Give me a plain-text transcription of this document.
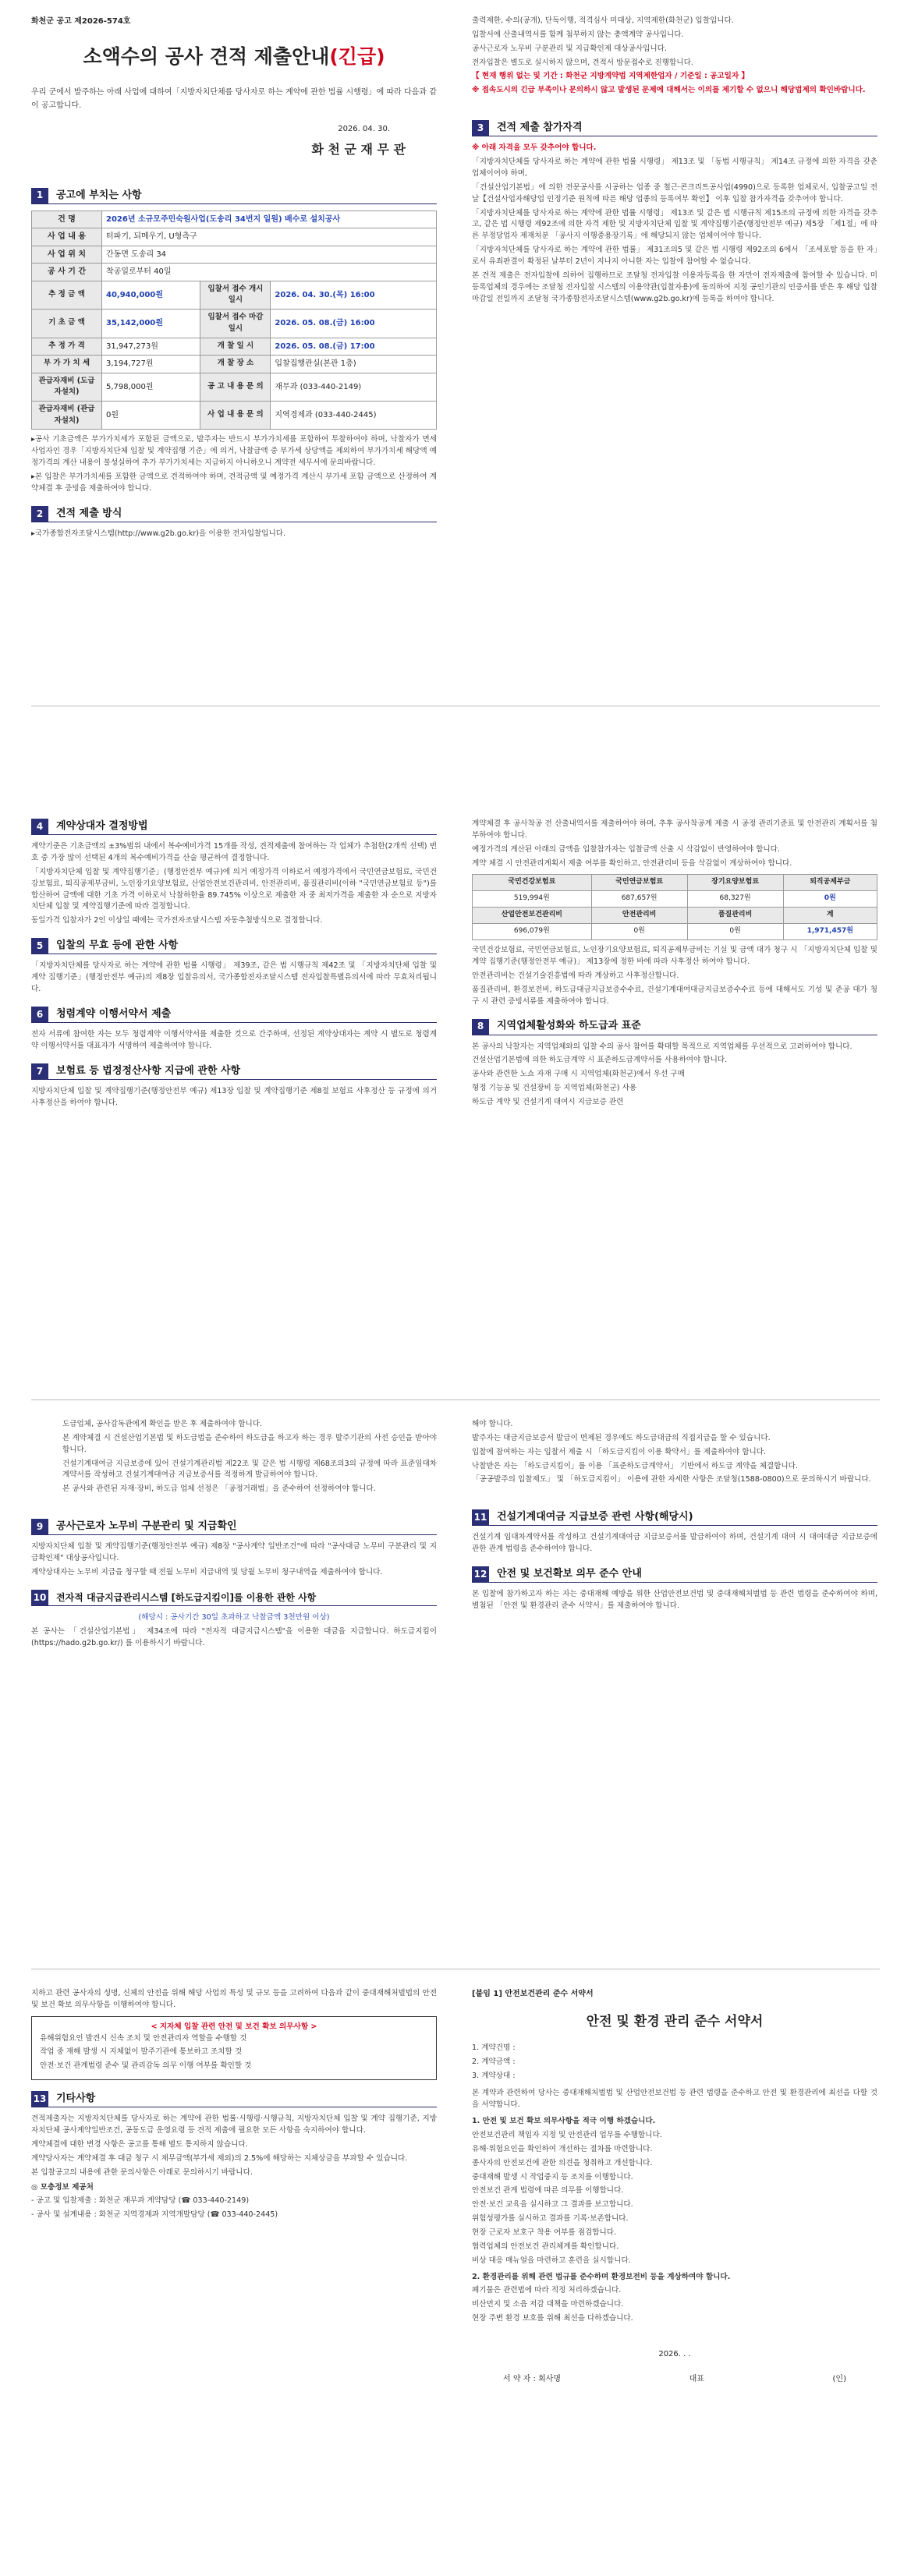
화천군 공고 제2026-574호
소액수의 공사 견적 제출안내(긴급)

우리 군에서 발주하는 아래 사업에 대하여「지방자치단체를 당사자로 하는 계약에 관한 법률 시행령」에 따라 다음과 같이 공고합니다.

2026. 04. 30.
화 천 군 재 무 관
1	공고에 부치는 사항
건 명	2026년 소규모주민숙원사업(도송리 34번지 일원) 배수로 설치공사		
사 업 내 용	터파기, 되메우기, U형측구		
사 업 위 치	간동면 도송리 34		
공 사 기 간	착공일로부터 40일		
추 정 금 액	40,940,000원	입찰서 접수 개시일시	2026. 04. 30.(목) 16:00
기 초 금 액	35,142,000원	입찰서 접수 마감일시	2026. 05. 08.(금) 16:00
추 정 가 격	31,947,273원	개 찰 일 시	2026. 05. 08.(금) 17:00
부 가 가 치 세	3,194,727원	개 찰 장 소	입찰집행관실(본관 1층)
관급자재비 (도급자설치)	5,798,000원	공 고 내 용 문 의	재무과 (033-440-2149)
관급자재비 (관급자설치)	0원	사 업 내 용 문 의	지역경제과 (033-440-2445)

▸공사 기초금액은 부가가치세가 포함된 금액으로, 발주자는 반드시 부가가치세를 포함하여 투찰하여야 하며, 낙찰자가 면세사업자인 경우「지방자치단체 입찰 및 계약집행 기준」에 의거, 낙찰금액 중 부가세 상당액을 제외하여 부가가치세 해당액 예정가격의 계산 내용이 불성실하여 추가 부가가치세는 지급하지 아니하오니 계약전 세무서에 문의바랍니다.

▸본 입찰은 부가가치세를 포함한 금액으로 견적하여야 하며, 견적금액 및 예정가격 계산시 부가세 포함 금액으로 산정하여 계약체결 후 증빙을 제출하여야 합니다.

2	견적 제출 방식

▸국가종합전자조달시스템(http://www.g2b.go.kr)을 이용한 전자입찰입니다.

출력제한, 수의(공개), 단독이행, 적격심사 미대상, 지역제한(화천군) 입찰입니다.

입찰서에 산출내역서를 함께 첨부하지 않는 총액계약 공사입니다.

공사근로자 노무비 구분관리 및 지급확인제 대상공사입니다.

전자입찰은 별도로 실시하지 않으며, 견적서 방문접수로 진행합니다.

【 현재 행위 없는 및 기간 : 화천군 지방계약법 지역제한업자 / 기준일 : 공고일자 】

※ 접속도시의 긴급 부족이나 문의하시 않고 발생된 문제에 대해서는 이의를 제기할 수 없으니 해당법제의 확인바랍니다.

3	견적 제출 참가자격

※ 아래 자격을 모두 갖추어야 합니다.

「지방자치단체를 당사자로 하는 계약에 관한 법률 시행령」 제13조 및 「동법 시행규칙」 제14조 규정에 의한 자격을 갖춘 업체이어야 하며,

「건설산업기본법」에 의한 전문공사를 시공하는 업종 중 철근·콘크리트공사업(4990)으로 등록한 업체로서, 입찰공고일 전날【건설사업자해당업 인정기준 원칙에 따른 해당 업종의 등록여부 확인】 이후 입찰 참가자격을 갖추어야 합니다.

「지방자치단체를 당사자로 하는 계약에 관한 법률 시행령」 제13조 및 같은 법 시행규칙 제15조의 규정에 의한 자격을 갖추고, 같은 법 시행령 제92조에 의한 자격 제한 및 지방자치단체 입찰 및 계약집행기준(행정안전부 예규) 제5장 「제1절」에 따른 부정당업자 제재처분 「공사지 이행중용장기록」에 해당되지 않는 업체이어야 합니다.

「지방자치단체를 당사자로 하는 계약에 관한 법률」 제31조의5 및 같은 법 시행령 제92조의 6에서 「조세포탈 등을 한 자」로서 유죄판결이 확정된 날부터 2년이 지나지 아니한 자는 입찰에 참여할 수 없습니다.

본 견적 제출은 전자입찰에 의하여 집행하므로 조달청 전자입찰 이용자등록을 한 자만이 전자제출에 참여할 수 있습니다. 미등록업체의 경우에는 조달청 전자입찰 시스템의 이용약관(입찰자용)에 동의하여 지정 공인기관의 인증서를 받은 후 해당 입찰마감일 전일까지 조달청 국가종합전자조달시스템(www.g2b.go.kr)에 등록을 하여야 합니다.

4	계약상대자 결정방법

계약기준은 기초금액의 ±3%범위 내에서 복수예비가격 15개를 작성, 견적제출에 참여하는 각 업체가 추첨한(2개씩 선택) 번호 중 가장 많이 선택된 4개의 복수예비가격을 산술 평균하여 결정합니다.

「지방자치단체 입찰 및 계약집행기준」(행정안전부 예규)에 의거 예정가격 이하로서 예정가격에서 국민연금보험료, 국민건강보험료, 퇴직공제부금비, 노인장기요양보험료, 산업안전보건관리비, 안전관리비, 품질관리비(이하 "국민연금보험료 등")를 합산하여 금액에 대한 기초 가격 이하로서 낙찰하한율 89.745% 이상으로 제출한 자 중 최저가격을 제출한 자 순으로 지방자치단체 입찰 및 계약집행기준에 따라 결정합니다.

동일가격 입찰자가 2인 이상일 때에는 국가전자조달시스템 자동추첨방식으로 결정합니다.

5	입찰의 무효 등에 관한 사항

「지방자치단체를 당사자로 하는 계약에 관한 법률 시행령」 제39조, 같은 법 시행규칙 제42조 및 「지방자치단체 입찰 및 계약 집행기준」(행정안전부 예규)의 제8장 입찰유의서, 국가종합전자조달시스템 전자입찰특별유의서에 따라 무효처리됩니다.

6	청렴계약 이행서약서 제출

전자 서류에 참여한 자는 모두 청렴계약 이행서약서를 제출한 것으로 간주하며, 선정된 계약상대자는 계약 시 별도로 청렴계약 이행서약서를 대표자가 서명하여 제출하여야 합니다.

7	보험료 등 법정정산사항 지급에 관한 사항

지방자치단체 입찰 및 계약집행기준(행정안전부 예규) 제13장 입찰 및 계약집행기준 제8절 보험료 사후정산 등 규정에 의거 사후정산을 하여야 합니다.

계약체결 후 공사착공 전 산출내역서를 제출하여야 하며, 추후 공사착공계 제출 시 공정 관리기준표 및 안전관리 계획서를 첨부하여야 합니다.

예정가격의 계산된 아래의 금액을 입찰참가자는 입찰금액 산출 시 삭감없이 반영하여야 합니다.

계약 체결 시 안전관리계획서 제출 여부를 확인하고, 안전관리비 등을 삭감없이 계상하여야 합니다.

국민건강보험료	국민연금보험료	장기요양보험료	퇴직공제부금
519,994원	687,657원	68,327원	0원
산업안전보건관리비	안전관리비	품질관리비	계
696,079원	0원	0원	1,971,457원

국민건강보험료, 국민연금보험료, 노인장기요양보험료, 퇴직공제부금비는 기실 및 금액 대가 청구 시 「지방자치단체 입찰 및 계약 집행기준(행정안전부 예규)」 제13장에 정한 바에 따라 사후정산 하여야 합니다.

안전관리비는 건설기술진흥법에 따라 계상하고 사후정산합니다.

품질관리비, 환경보전비, 하도급대금지급보증수수료, 건설기계대여대금지급보증수수료 등에 대해서도 기성 및 준공 대가 청구 시 관련 증빙서류를 제출하여야 합니다.

8	지역업체활성화와 하도급과 표준

본 공사의 낙찰자는 지역업체와의 입찰 수의 공사 참여를 확대할 목적으로 지역업체를 우선적으로 고려하여야 합니다.

건설산업기본법에 의한 하도급계약 시 표준하도급계약서를 사용하여야 합니다.

공사와 관련한 노쇼 자재 구매 시 지역업체(화천군)에서 우선 구매

형정 기능공 및 건설장비 등 지역업체(화천군) 사용

하도급 계약 및 건설기계 대여시 지급보증 관련

도급업체, 공사감독관에게 확인을 받은 후 제출하여야 합니다.

본 계약체결 시 건설산업기본법 및 하도급법을 준수하여 하도급을 하고자 하는 경우 발주기관의 사전 승인을 받아야 합니다.

건설기계대여금 지급보증에 있어 건설기계관리법 제22조 및 같은 법 시행령 제68조의3의 규정에 따라 표준임대차계약서를 작성하고 건설기계대여금 지급보증서를 적정하게 발급하여야 합니다.

본 공사와 관련된 자재·장비, 하도급 업체 선정은 「공정거래법」을 준수하여 선정하여야 합니다.

9	공사근로자 노무비 구분관리 및 지급확인

지방자치단체 입찰 및 계약집행기준(행정안전부 예규) 제8장 "공사계약 일반조건"에 따라 "공사대금 노무비 구분관리 및 지급확인제" 대상공사입니다.

계약상대자는 노무비 지급을 청구할 때 전월 노무비 지급내역 및 당월 노무비 청구내역을 제출하여야 합니다.

10	전자적 대금지급관리시스템 [하도급지킴이]를 이용한 관한 사항

(해당시 : 공사기간 30일 초과하고 낙찰금액 3천만원 이상)

본 공사는 「건설산업기본법」 제34조에 따라 "전자적 대금지급시스템"을 이용한 대금을 지급합니다. 하도급지킴이(https://hado.g2b.go.kr/) 를 이용하시기 바랍니다.

해야 합니다.

발주자는 대금지급보증서 발급이 면제된 경우에도 하도급대금의 직접지급을 할 수 있습니다.

입찰에 참여하는 자는 입찰서 제출 시 「하도급지킴이 이용 확약서」를 제출하여야 합니다.

낙찰받은 자는 「하도급지킴이」를 이용 「표준하도급계약서」 기반에서 하도급 계약을 체결합니다.

「공공발주의 입찰제도」 및 「하도급지킴이」 이용에 관한 자세한 사항은 조달청(1588-0800)으로 문의하시기 바랍니다.

11 건설기계대여금 지급보증 관련 사항(해당시)

건설기계 임대차계약서를 작성하고 건설기계대여금 지급보증서를 발급하여야 하며, 건설기계 대여 시 대여대금 지급보증에 관한 관계 법령을 준수하여야 합니다.

12 안전 및 보건확보 의무 준수 안내

본 입찰에 참가하고자 하는 자는 중대재해 예방을 위한 산업안전보건법 및 중대재해처벌법 등 관련 법령을 준수하여야 하며, 별첨된 「안전 및 환경관리 준수 서약서」를 제출하여야 합니다.

지하고 관련 공사자의 성명, 신체의 안전을 위해 해당 사업의 특성 및 규모 등을 고려하여 다음과 같이 중대재해처벌법의 안전 및 보건 확보 의무사항을 이행하여야 합니다.

< 지자체 입찰 관련 안전 및 보건 확보 의무사항 >

유해위험요인 발견시 신속 조치 및 안전관리자 역할을 수행할 것

작업 중 재해 발생 시 지체없이 발주기관에 통보하고 조치할 것

안전·보건 관계법령 준수 및 관리감독 의무 이행 여부를 확인할 것

13 기타사항

견적제출자는 지방자치단체를 당사자로 하는 계약에 관한 법률·시행령·시행규칙, 지방자치단체 입찰 및 계약 집행기준, 지방자치단체 공사계약일반조건, 공동도급 운영요령 등 견적 제출에 필요한 모든 사항을 숙지하여야 합니다.

계약체결에 대한 변경 사항은 공고를 통해 별도 통지하지 않습니다.

계약당사자는 계약체결 후 대금 청구 시 채무금액(부가세 제외)의 2.5%에 해당하는 지체상금을 부과할 수 있습니다.

본 입찰공고의 내용에 관한 문의사항은 아래로 문의하시기 바랍니다.

◎ 모충정보 제공처

- 공고 및 입찰제출 : 화천군 재무과 계약담당 (☎ 033-440-2149)

- 공사 및 설계내용 : 화천군 지역경제과 지역개발담당 (☎ 033-440-2445)

[붙임 1] 안전보건관리 준수 서약서
안전 및 환경 관리 준수 서약서

1. 계약건명 :

2. 계약금액 :

3. 계약상대 :

본 계약과 관련하여 당사는 중대재해처벌법 및 산업안전보건법 등 관련 법령을 준수하고 안전 및 환경관리에 최선을 다할 것을 서약합니다.

1. 안전 및 보건 확보 의무사항을 적극 이행 하겠습니다.

안전보건관리 책임자 지정 및 안전관리 업무를 수행합니다.

유해·위험요인을 확인하여 개선하는 절차를 마련합니다.

종사자의 안전보건에 관한 의견을 청취하고 개선합니다.

중대재해 발생 시 작업중지 등 조치를 이행합니다.

안전보건 관계 법령에 따른 의무를 이행합니다.

안전·보건 교육을 실시하고 그 결과를 보고합니다.

위험성평가를 실시하고 결과를 기록·보존합니다.

현장 근로자 보호구 착용 여부를 점검합니다.

협력업체의 안전보건 관리체계를 확인합니다.

비상 대응 매뉴얼을 마련하고 훈련을 실시합니다.

2. 환경관리를 위해 관련 법규를 준수하며 환경보전비 등을 계상하여야 합니다.

폐기물은 관련법에 따라 적정 처리하겠습니다.

비산먼지 및 소음 저감 대책을 마련하겠습니다.

현장 주변 환경 보호를 위해 최선을 다하겠습니다.

2026. . .
서 약 자 : 회사명	대표	(인)
